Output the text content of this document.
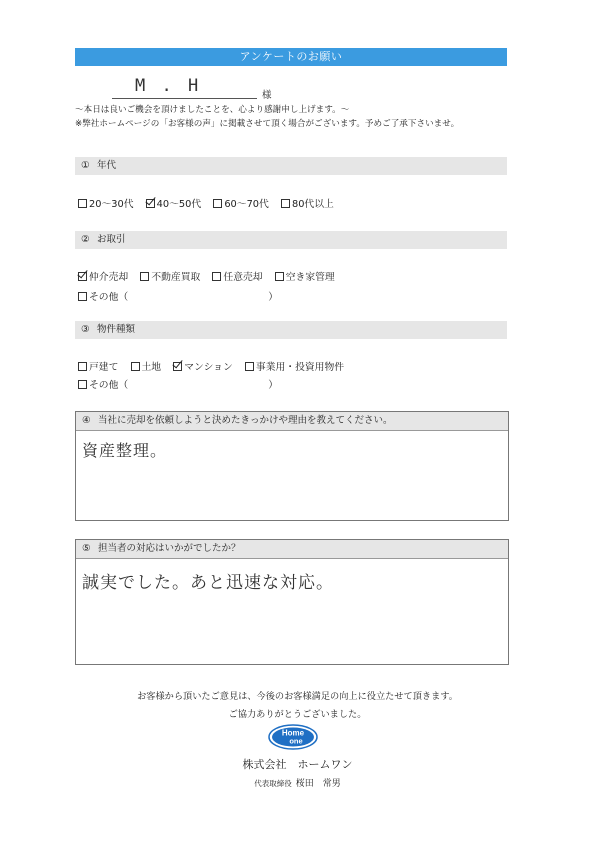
アンケートのお願い
M . H	様
～本日は良いご機会を頂けましたことを、心より感謝申し上げます。～
※弊社ホームページの「お客様の声」に掲載させて頂く場合がございます。予めご了承下さいませ。
① 年代
20～30代 40～50代 60～70代 80代以上
② お取引
仲介売却 不動産買取 任意売却 空き家管理
その他（	）
③ 物件種類
戸建て 土地 マンション 事業用・投資用物件
その他（	）
④ 当社に売却を依頼しようと決めたきっかけや理由を教えてください。
資産整理。
⑤ 担当者の対応はいかがでしたか？
誠実でした。あと迅速な対応。
お客様から頂いたご意見は、今後のお客様満足の向上に役立たせて頂きます。
ご協力ありがとうございました。
Home
one
株式会社　ホームワン
代表取締役 桜田　常男
